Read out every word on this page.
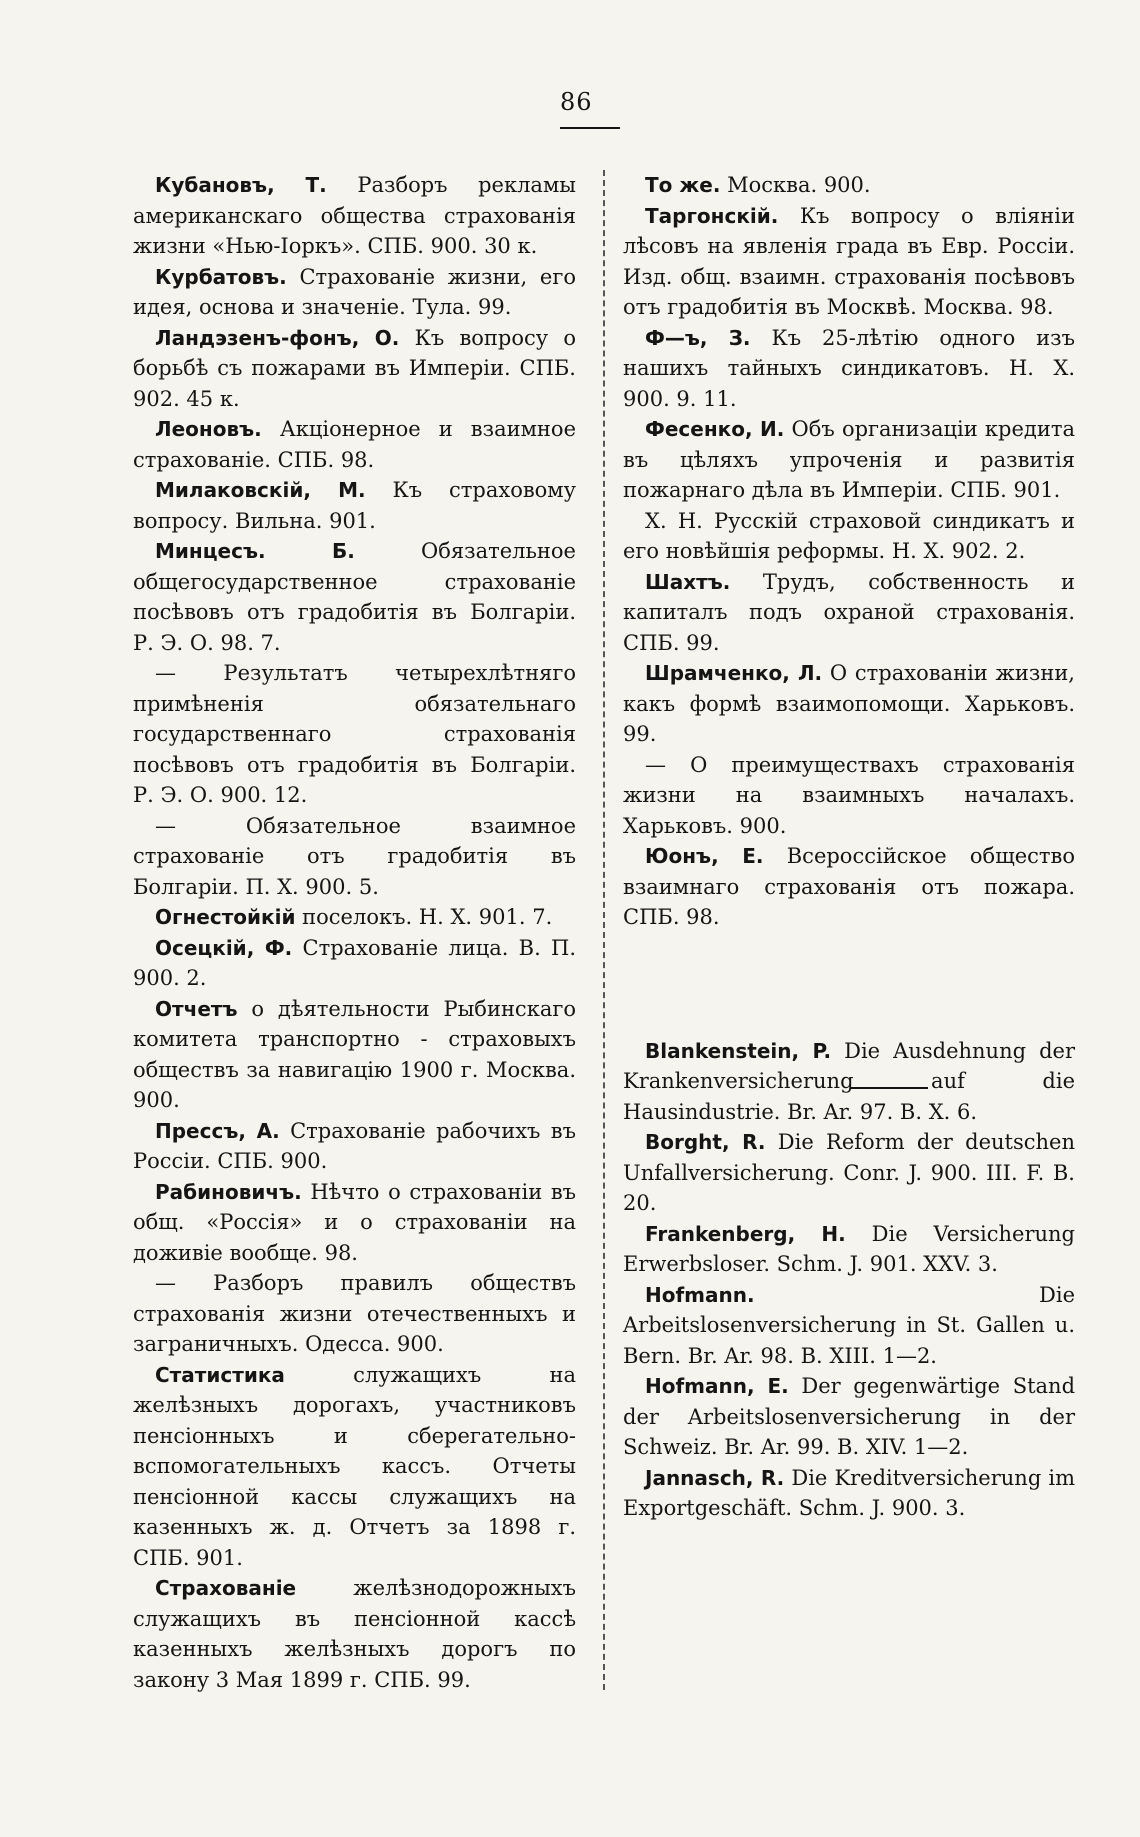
86

Кубановъ, Т. Разборъ рекламы американскаго общества страхованія жизни «Нью-Іоркъ». СПБ. 900. 30 к.

Курбатовъ. Страхованіе жизни, его идея, основа и значеніе. Тула. 99.

Ландэзенъ-фонъ, О. Къ вопросу о борьбѣ съ пожарами въ Имперіи. СПБ. 902. 45 к.

Леоновъ. Акціонерное и взаимное страхованіе. СПБ. 98.

Милаковскій, М. Къ страховому вопросу. Вильна. 901.

Минцесъ. Б. Обязательное общегосударственное страхованіе посѣвовъ отъ градобитія въ Болгаріи. Р. Э. О. 98. 7.

— Результатъ четырехлѣтняго примѣненія обязательнаго государственнаго страхованія посѣвовъ отъ градобитія въ Болгаріи. Р. Э. О. 900. 12.

— Обязательное взаимное страхованіе отъ градобитія въ Болгаріи. П. Х. 900. 5.

Огнестойкій поселокъ. Н. Х. 901. 7.

Осецкій, Ф. Страхованіе лица. В. П. 900. 2.

Отчетъ о дѣятельности Рыбинскаго комитета транспортно - страховыхъ обществъ за навигацію 1900 г. Москва. 900.

Прессъ, А. Страхованіе рабочихъ въ Россіи. СПБ. 900.

Рабиновичъ. Нѣчто о страхованіи въ общ. «Россія» и о страхованіи на доживіе вообще. 98.

— Разборъ правилъ обществъ страхованія жизни отечественныхъ и заграничныхъ. Одесса. 900.

Статистика служащихъ на желѣзныхъ дорогахъ, участниковъ пенсіонныхъ и сберегательно-вспомогательныхъ кассъ. Отчеты пенсіонной кассы служащихъ на казенныхъ ж. д. Отчетъ за 1898 г. СПБ. 901.

Страхованіе желѣзнодорожныхъ служащихъ въ пенсіонной кассѣ казенныхъ желѣзныхъ дорогъ по закону 3 Мая 1899 г. СПБ. 99.

То же. Москва. 900.

Таргонскій. Къ вопросу о вліяніи лѣсовъ на явленія града въ Евр. Россіи. Изд. общ. взаимн. страхованія посѣвовъ отъ градобитія въ Москвѣ. Москва. 98.

Ф—ъ, З. Къ 25-лѣтію одного изъ нашихъ тайныхъ синдикатовъ. Н. Х. 900. 9. 11.

Фесенко, И. Объ организаціи кредита въ цѣляхъ упроченія и развитія пожарнаго дѣла въ Имперіи. СПБ. 901.

Х. Н. Русскій страховой синдикатъ и его новѣйшія реформы. Н. Х. 902. 2.

Шахтъ. Трудъ, собственность и капиталъ подъ охраной страхованія. СПБ. 99.

Шрамченко, Л. О страхованіи жизни, какъ формѣ взаимопомощи. Харьковъ. 99.

— О преимуществахъ страхованія жизни на взаимныхъ началахъ. Харьковъ. 900.

Юонъ, Е. Всероссійское общество взаимнаго страхованія отъ пожара. СПБ. 98.

Blankenstein, P. Die Ausdehnung der Krankenversicherung auf die Hausindustrie. Br. Ar. 97. B. X. 6.

Borght, R. Die Reform der deutschen Unfallversicherung. Conr. J. 900. III. F. B. 20.

Frankenberg, H. Die Versicherung Erwerbsloser. Schm. J. 901. XXV. 3.

Hofmann. Die Arbeitslosenversicherung in St. Gallen u. Bern. Br. Ar. 98. B. XIII. 1—2.

Hofmann, E. Der gegenwärtige Stand der Arbeitslosenversicherung in der Schweiz. Br. Ar. 99. B. XIV. 1—2.

Jannasch, R. Die Kreditversicherung im Exportgeschäft. Schm. J. 900. 3.
